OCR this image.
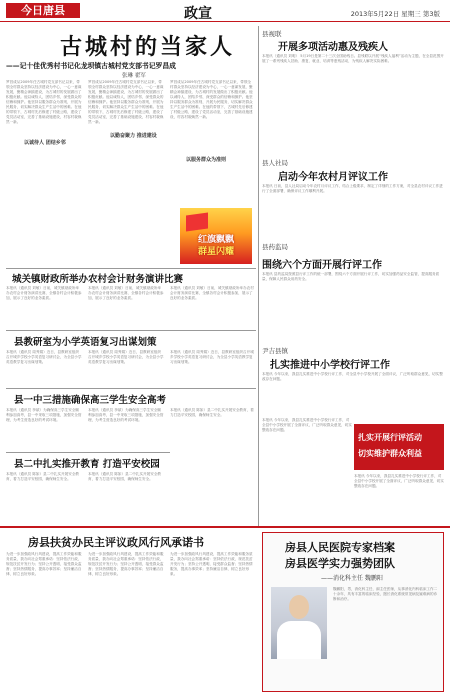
今日唐县	政宣	2013年5月22日 星期三 第3版
古城村的当家人
——记十佳优秀村书记化龙坝镇古城村党支部书记罗昌成
张琳 翟军
罗昌成从2009年任古城村党支部书记以来，带领全村群众坚持以经济建设为中心，一心一意谋发展，聚精会神搞建设，为古城村的发展做出了积极贡献。他以诚待人，团结乡邻，深受群众的信赖和拥护。他坚持以服务群众为准则，开展为民服务，切实解决群众生产生活中的困难。在他的带领下，古城村先后修建了村级公路，建设了党员活动室，完善了基础设施建设，村容村貌焕然一新。
以诚待人 团结乡邻
罗昌成从2009年任古城村党支部书记以来，带领全村群众坚持以经济建设为中心，一心一意谋发展，聚精会神搞建设，为古城村的发展做出了积极贡献。他以诚待人，团结乡邻，深受群众的信赖和拥护。他坚持以服务群众为准则，开展为民服务，切实解决群众生产生活中的困难。在他的带领下，古城村先后修建了村级公路，建设了党员活动室，完善了基础设施建设，村容村貌焕然一新。
以勤奋聚力 推进建设
罗昌成从2009年任古城村党支部书记以来，带领全村群众坚持以经济建设为中心，一心一意谋发展，聚精会神搞建设，为古城村的发展做出了积极贡献。他以诚待人，团结乡邻，深受群众的信赖和拥护。他坚持以服务群众为准则，开展为民服务，切实解决群众生产生活中的困难。在他的带领下，古城村先后修建了村级公路，建设了党员活动室，完善了基础设施建设，村容村貌焕然一新。
以服务群众为准则
红旗飘飘
群星闪耀
县视联
开展多项活动惠及残疾人
本报讯（通讯员 刘明） 5月19日是第二十三次全国助残日。县残联以开展“残疾人福利”活动为主题，在全县范围开展了一系列残疾人扶助、康复、就业、培训等惠残活动，为残疾人解决实际困难。
县人社局
启动今年农村月评议工作
本报讯 日前，县人社局启动今年农村月评议工作，结合上级要求，制定了详细的工作方案，对全县农村评议工作进行了全面部署，确保评议工作顺利开展。
县药监局
围绕六个方面开展行评工作
本报讯 县药监局按照县行评工作的统一部署，围绕六个方面开展行评工作，切实加强药品安全监管，提高服务质量，保障人民群众用药安全。
尹吉县镇
扎实推进中小学校行评工作
本报讯 今年以来，我县扎实推进中小学校行评工作，对全县中小学校开展了全面评议，广泛听取群众意见，切实整改存在问题。
本报讯 今年以来，我县扎实推进中小学校行评工作，对全县中小学校开展了全面评议，广泛听取群众意见，切实整改存在问题。
扎实开展行评活动
切实维护群众利益
本报讯 今年以来，我县扎实推进中小学校行评工作，对全县中小学校开展了全面评议，广泛听取群众意见，切实整改存在问题。
城关镇财政所举办农村会计财务演讲比赛
本报讯（通讯员 刘敏）日前，城关镇财政所举办农村会计财务演讲比赛，全镇各村会计积极参加，展示了良好的业务素质。
本报讯（通讯员 刘敏）日前，城关镇财政所举办农村会计财务演讲比赛，全镇各村会计积极参加，展示了良好的业务素质。
本报讯（通讯员 刘敏）日前，城关镇财政所举办农村会计财务演讲比赛，全镇各村会计积极参加，展示了良好的业务素质。
县教研室为小学英语复习出谋划策
本报讯（通讯员 周秀娟）近日，县教研室组织召开城乡学校小学英语复习研讨会，为全县小学英语教学复习出谋划策。
本报讯（通讯员 周秀娟）近日，县教研室组织召开城乡学校小学英语复习研讨会，为全县小学英语教学复习出谋划策。
本报讯（通讯员 周秀娟）近日，县教研室组织召开城乡学校小学英语复习研讨会，为全县小学英语教学复习出谋划策。
县一中三措施确保高三学生安全高考
本报讯（通讯员 李斌）为确保高三学生安全顺利参加高考，县一中采取三项措施，加强安全管理，为考生营造良好的考试环境。
本报讯（通讯员 李斌）为确保高三学生安全顺利参加高考，县一中采取三项措施，加强安全管理，为考生营造良好的考试环境。
县二中扎实推开教育 打造平安校园
本报讯（通讯员 陈如）县二中扎实开展安全教育，着力打造平安校园，确保师生安全。
本报讯（通讯员 陈如）县二中扎实开展安全教育，着力打造平安校园，确保师生安全。
本报讯（通讯员 陈如）县二中扎实开展安全教育，着力打造平安校园，确保师生安全。
房县扶贫办民主评议政风行风承诺书
为进一步加强政风行风建设，提高工作效能和服务质量，我办向社会郑重承诺：坚持依法行政，规范扶贫开发行为；坚持公开透明，接受群众监督；坚持热情服务，提高办事效率；坚持廉洁自律，树立良好形象。
为进一步加强政风行风建设，提高工作效能和服务质量，我办向社会郑重承诺：坚持依法行政，规范扶贫开发行为；坚持公开透明，接受群众监督；坚持热情服务，提高办事效率；坚持廉洁自律，树立良好形象。
为进一步加强政风行风建设，提高工作效能和服务质量，我办向社会郑重承诺：坚持依法行政，规范扶贫开发行为；坚持公开透明，接受群众监督；坚持热情服务，提高办事效率；坚持廉洁自律，树立良好形象。
房县人民医院专家档案
房县医学实力强势团队
——消化科主任 魏鹏阳
魏鹏阳，男，消化科主任，副主任医师，从事消化内科临床工作二十余年，具有丰富的临床经验，擅长消化系统常见病及疑难病的诊断和治疗。
